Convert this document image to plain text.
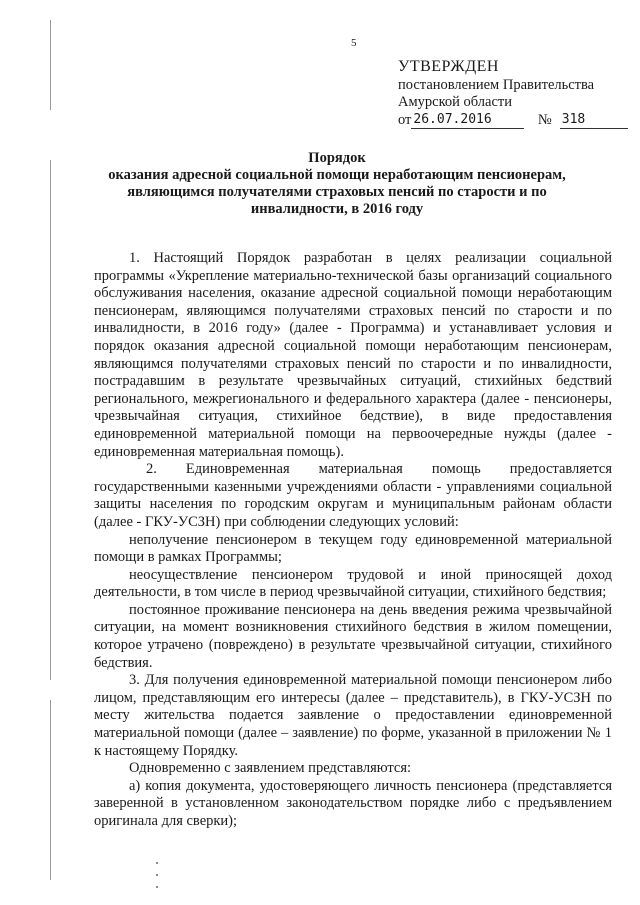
5
УТВЕРЖДЕН
постановлением Правительства
Амурской области
от 26.07.2016	№ 318
Порядок
оказания адресной социальной помощи неработающим пенсионерам,
являющимся получателями страховых пенсий по старости и по
инвалидности, в 2016 году

1. Настоящий Порядок разработан в целях реализации социальной программы «Укрепление материально-технической базы организаций социального обслуживания населения, оказание адресной социальной помощи неработающим пенсионерам, являющимся получателями страховых пенсий по старости и по инвалидности, в 2016 году» (далее - Программа) и устанавливает условия и порядок оказания адресной социальной помощи неработающим пенсионерам, являющимся получателями страховых пенсий по старости и по инвалидности, пострадавшим в результате чрезвычайных ситуаций, стихийных бедствий регионального, межрегионального и федерального характера (далее - пенсионеры, чрезвычайная ситуация, стихийное бедствие), в виде предоставления единовременной материальной помощи на первоочередные нужды (далее - единовременная материальная помощь).

2. Единовременная материальная помощь предоставляется государственными казенными учреждениями области - управлениями социальной защиты населения по городским округам и муниципальным районам области (далее - ГКУ-УСЗН) при соблюдении следующих условий:

неполучение пенсионером в текущем году единовременной материальной помощи в рамках Программы;

неосуществление пенсионером трудовой и иной приносящей доход деятельности, в том числе в период чрезвычайной ситуации, стихийного бедствия;

постоянное проживание пенсионера на день введения режима чрезвычайной ситуации, на момент возникновения стихийного бедствия в жилом помещении, которое утрачено (повреждено) в результате чрезвычайной ситуации, стихийного бедствия.

3. Для получения единовременной материальной помощи пенсионером либо лицом, представляющим его интересы (далее – представитель), в ГКУ-УСЗН по месту жительства подается заявление о предоставлении единовременной материальной помощи (далее – заявление) по форме, указанной в приложении № 1 к настоящему Порядку.

Одновременно с заявлением представляются:

а) копия документа, удостоверяющего личность пенсионера (представляется заверенной в установленном законодательством порядке либо с предъявлением оригинала для сверки);
